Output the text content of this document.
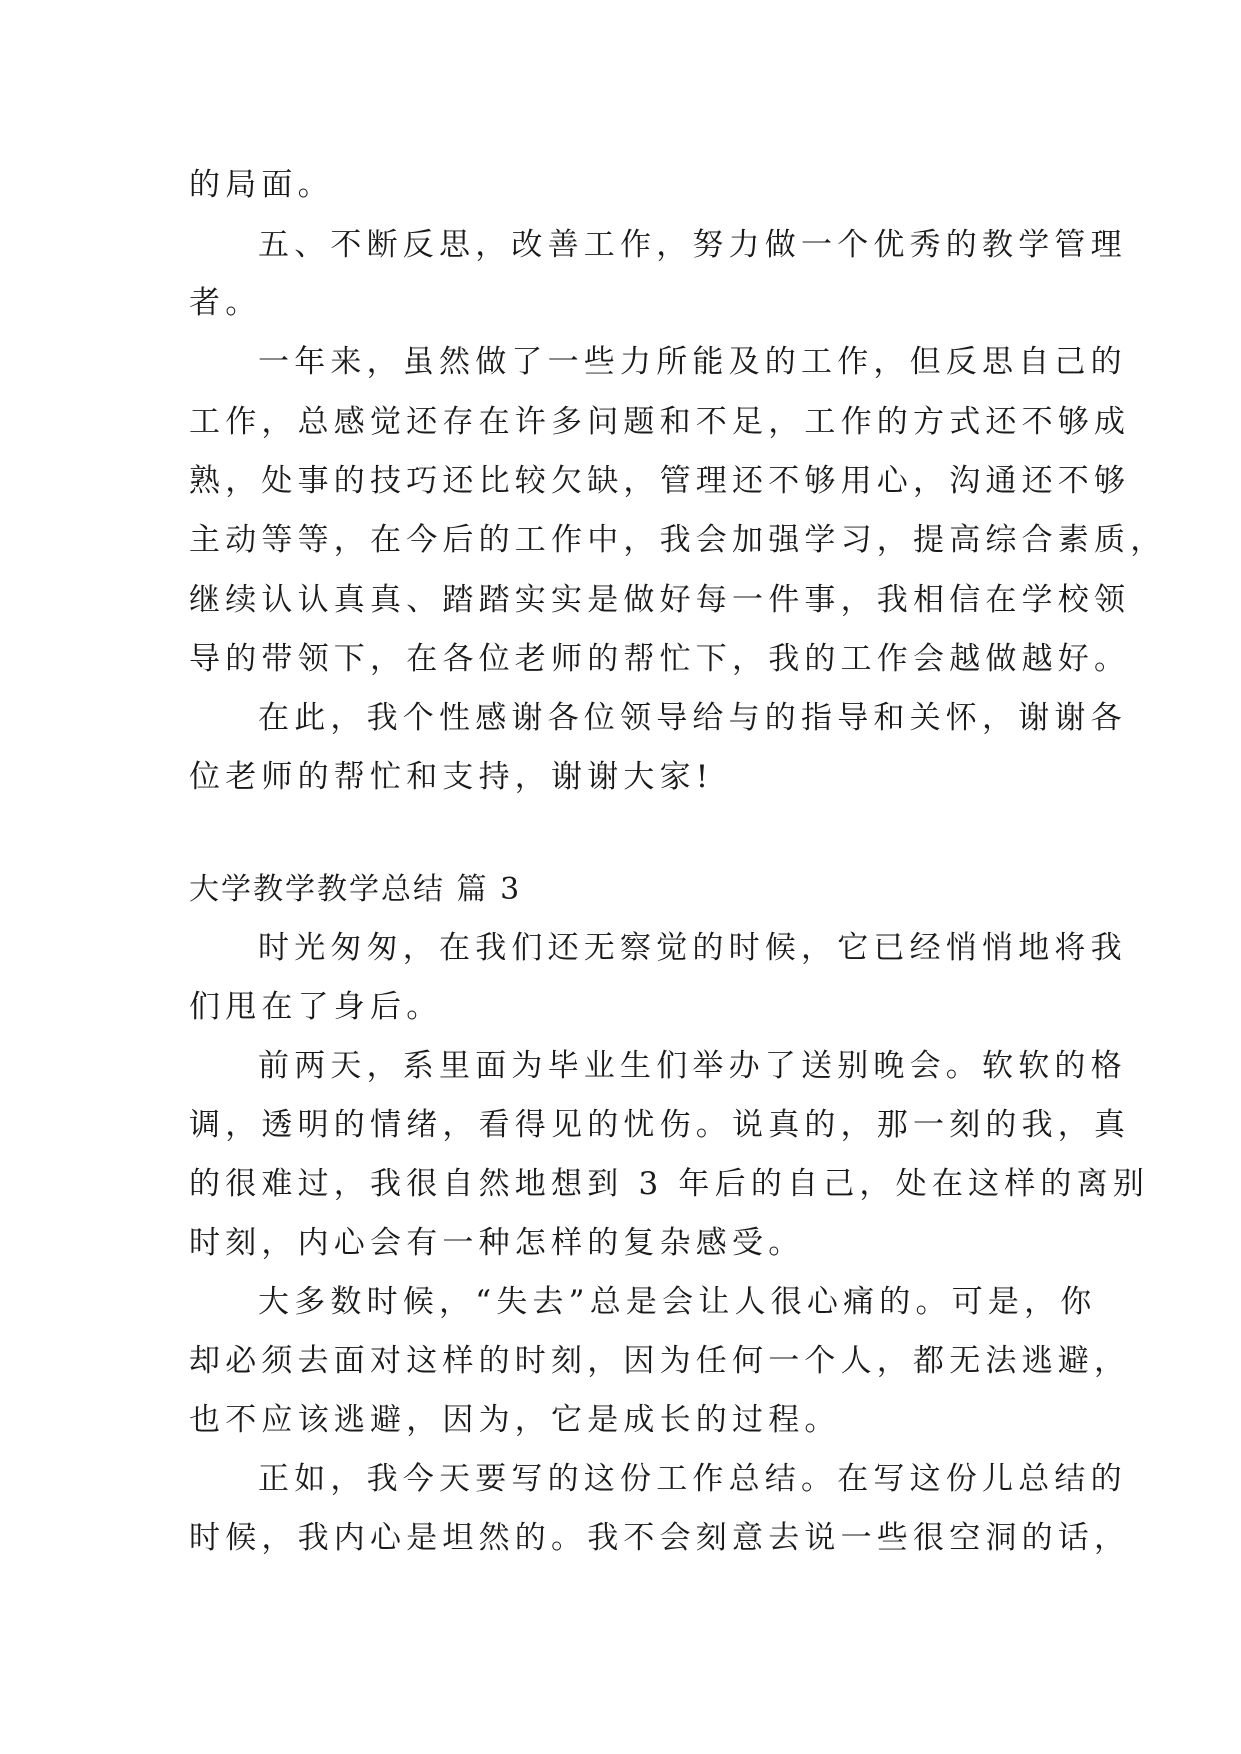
的局面。
五、不断反思，改善工作，努力做一个优秀的教学管理
者。
一年来，虽然做了一些力所能及的工作，但反思自己的
工作，总感觉还存在许多问题和不足，工作的方式还不够成
熟，处事的技巧还比较欠缺，管理还不够用心，沟通还不够
主动等等，在今后的工作中，我会加强学习，提高综合素质，
继续认认真真、踏踏实实是做好每一件事，我相信在学校领
导的带领下，在各位老师的帮忙下，我的工作会越做越好。
在此，我个性感谢各位领导给与的指导和关怀，谢谢各
位老师的帮忙和支持，谢谢大家!
大学教学教学总结 篇 3
时光匆匆，在我们还无察觉的时候，它已经悄悄地将我
们甩在了身后。
前两天，系里面为毕业生们举办了送别晚会。软软的格
调，透明的情绪，看得见的忧伤。说真的，那一刻的我，真
的很难过，我很自然地想到 3 年后的自己，处在这样的离别
时刻，内心会有一种怎样的复杂感受。
大多数时候，“失去”总是会让人很心痛的。可是，你
却必须去面对这样的时刻，因为任何一个人，都无法逃避，
也不应该逃避，因为，它是成长的过程。
正如，我今天要写的这份工作总结。在写这份儿总结的
时候，我内心是坦然的。我不会刻意去说一些很空洞的话，
